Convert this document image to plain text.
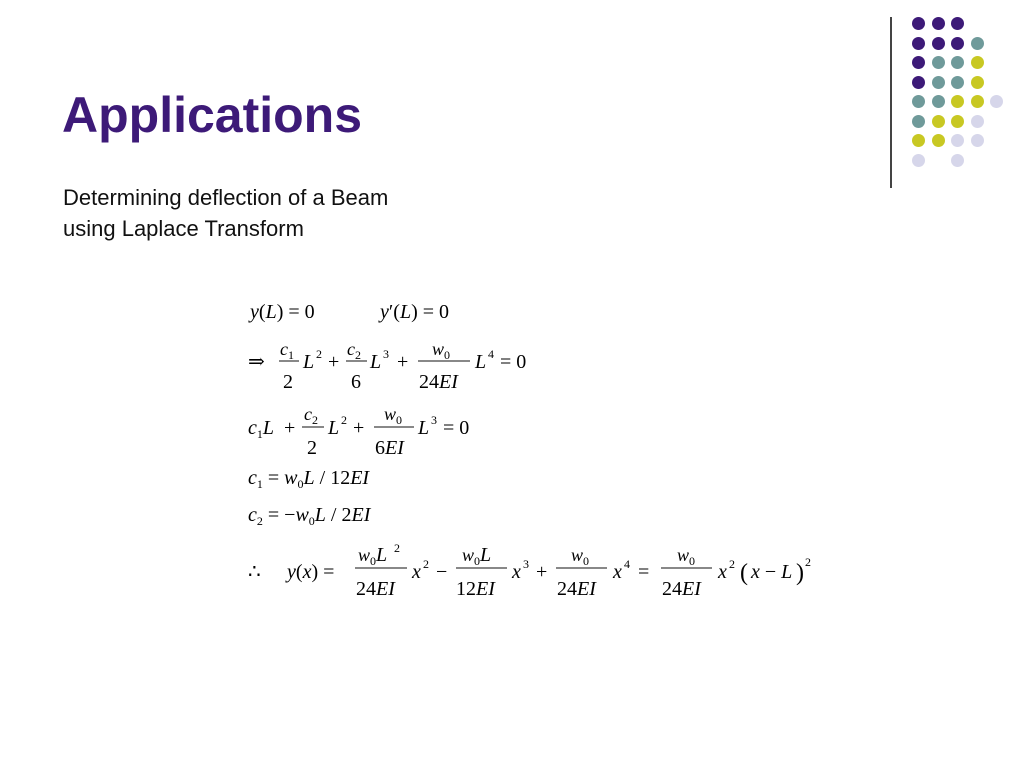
Applications
Determining deflection of a Beam
using Laplace Transform
y(L) = 0	y′(L) = 0
⇒
$c_1$
2
L 2 +
$c_2$
6
L 3 +
$w_0$
24EI
L 4 = 0
$c_1L$ +
$c_2$
2
L 2 +
$w_0$
6EI
L 3 = 0
$c_1 = w_0L / 12EI$
$c_2 = -w_0L / 2EI$
∴ y(x) =
$w_0L$ 2
24EI
x 2 −
$w_0L$
12EI
x 3 +
$w_0$
24EI
x 4 =
$w_0$
24EI
x 2 ( x − L ) 2
